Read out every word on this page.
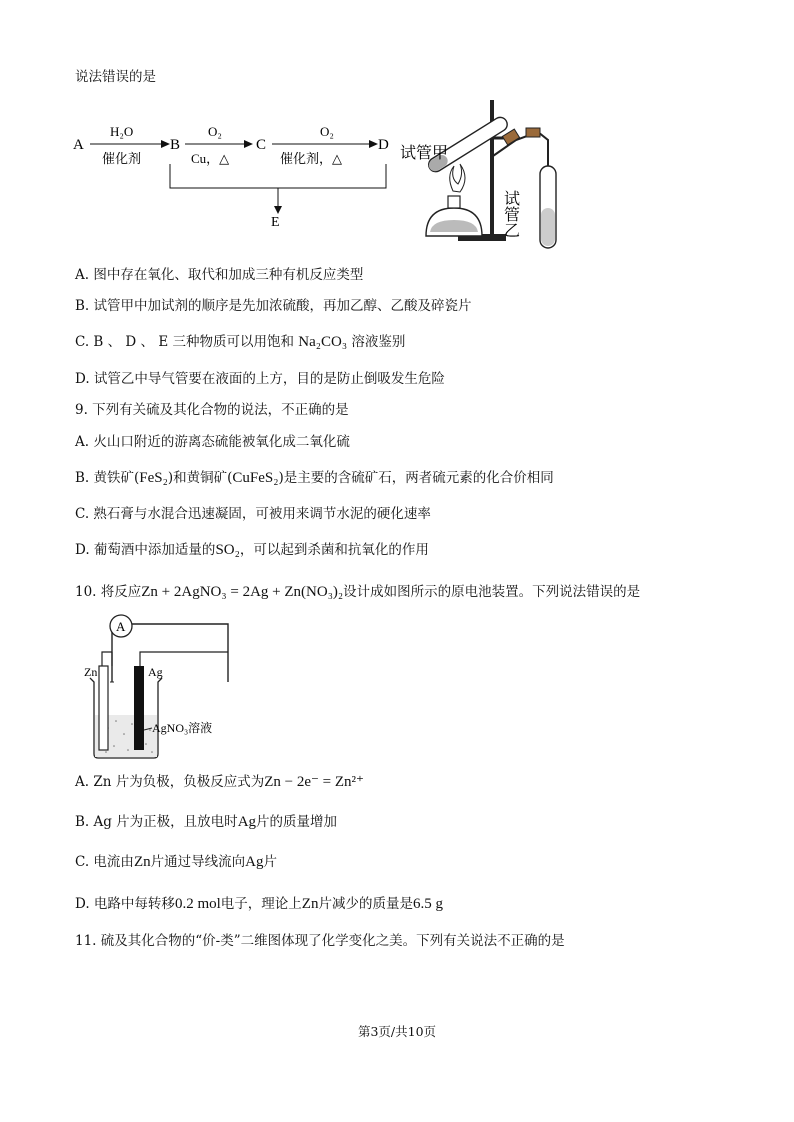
说法错误的是
A
H₂O
催化剂
B
O₂
Cu，△
C
O₂
催化剂，△
D
E
试管甲
试管乙
A. 图中存在氧化、取代和加成三种有机反应类型
B. 试管甲中加试剂的顺序是先加浓硫酸，再加乙醇、乙酸及碎瓷片
C. B 、 D 、 E 三种物质可以用饱和 Na₂CO₃ 溶液鉴别
D. 试管乙中导气管要在液面的上方，目的是防止倒吸发生危险
9. 下列有关硫及其化合物的说法，不正确的是
A. 火山口附近的游离态硫能被氧化成二氧化硫
B. 黄铁矿(FeS₂)和黄铜矿(CuFeS₂)是主要的含硫矿石，两者硫元素的化合价相同
C. 熟石膏与水混合迅速凝固，可被用来调节水泥的硬化速率
D. 葡萄酒中添加适量的SO₂，可以起到杀菌和抗氧化的作用
10. 将反应Zn + 2AgNO₃ = 2Ag + Zn(NO₃)₂设计成如图所示的原电池装置。下列说法错误的是
A
Zn	Ag
AgNO₃溶液
A. Zn 片为负极，负极反应式为Zn − 2e⁻ = Zn²⁺
B. Ag 片为正极，且放电时Ag片的质量增加
C. 电流由Zn片通过导线流向Ag片
D. 电路中每转移0.2 mol电子，理论上Zn片减少的质量是6.5 g
11. 硫及其化合物的“价-类”二维图体现了化学变化之美。下列有关说法不正确的是
第3页/共10页
